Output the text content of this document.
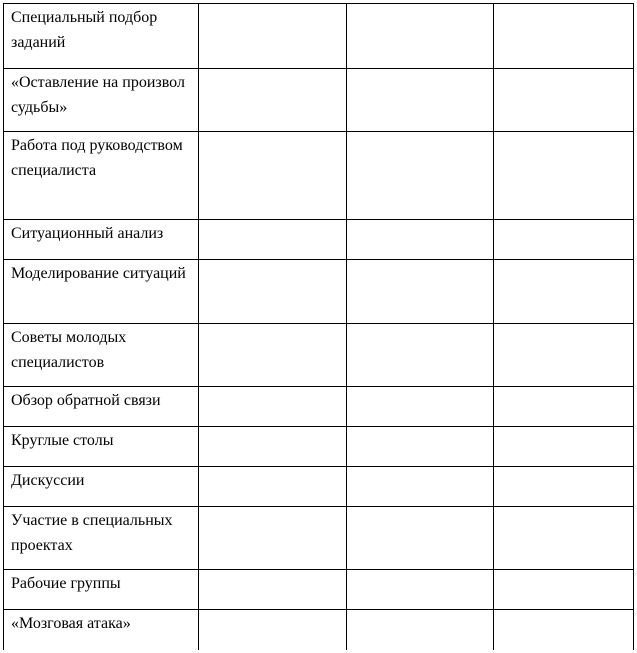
Специальный подбор заданий			

«Оставление на произвол судьбы»			

Работа под руководством специалиста			

Ситуационный анализ			

Моделирование ситуаций			

Советы молодых специалистов			

Обзор обратной связи			

Круглые столы			

Дискуссии			

Участие в специальных проектах			

Рабочие группы			

«Мозговая атака»			
